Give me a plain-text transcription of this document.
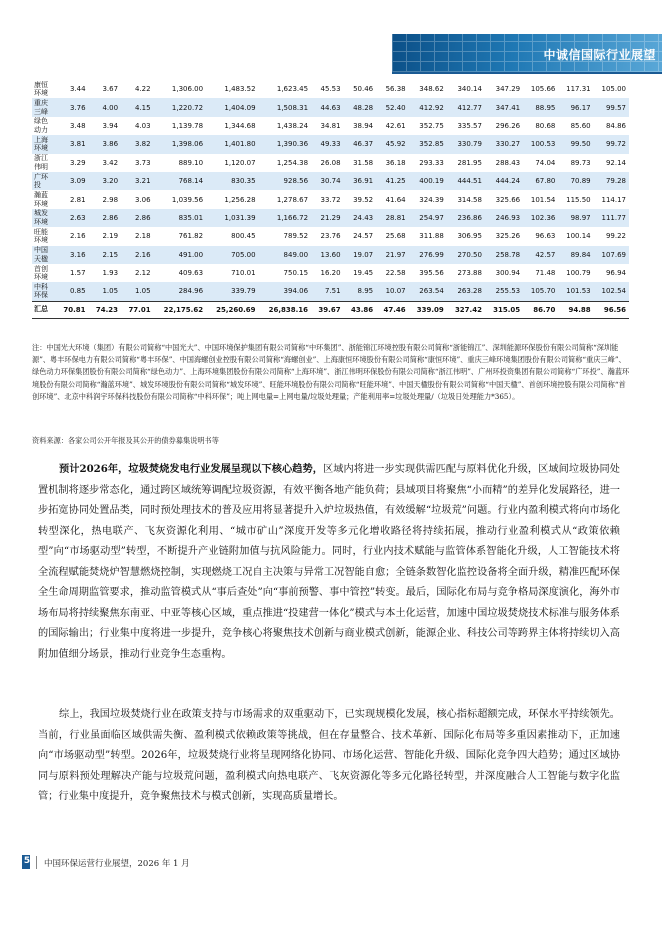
中诚信国际行业展望
康恒环境	3.44	3.67	4.22	1,306.00	1,483.52	1,623.45	45.53	50.46	56.38	348.62	340.14	347.29	105.66	117.31	105.00
重庆三峰	3.76	4.00	4.15	1,220.72	1,404.09	1,508.31	44.63	48.28	52.40	412.92	412.77	347.41	88.95	96.17	99.57
绿色动力	3.48	3.94	4.03	1,139.78	1,344.68	1,438.24	34.81	38.94	42.61	352.75	335.57	296.26	80.68	85.60	84.86
上海环境	3.81	3.86	3.82	1,398.06	1,401.80	1,390.36	49.33	46.37	45.92	352.85	330.79	330.27	100.53	99.50	99.72
浙江伟明	3.29	3.42	3.73	889.10	1,120.07	1,254.38	26.08	31.58	36.18	293.33	281.95	288.43	74.04	89.73	92.14
广环投	3.09	3.20	3.21	768.14	830.35	928.56	30.74	36.91	41.25	400.19	444.51	444.24	67.80	70.89	79.28
瀚蓝环境	2.81	2.98	3.06	1,039.56	1,256.28	1,278.67	33.72	39.52	41.64	324.39	314.58	325.66	101.54	115.50	114.17
城发环境	2.63	2.86	2.86	835.01	1,031.39	1,166.72	21.29	24.43	28.81	254.97	236.86	246.93	102.36	98.97	111.77
旺能环境	2.16	2.19	2.18	761.82	800.45	789.52	23.76	24.57	25.68	311.88	306.95	325.26	96.63	100.14	99.22
中国天楹	3.16	2.15	2.16	491.00	705.00	849.00	13.60	19.07	21.97	276.99	270.50	258.78	42.57	89.84	107.69
首创环境	1.57	1.93	2.12	409.63	710.01	750.15	16.20	19.45	22.58	395.56	273.88	300.94	71.48	100.79	96.94
中科环保	0.85	1.05	1.05	284.96	339.79	394.06	7.51	8.95	10.07	263.54	263.28	255.53	105.70	101.53	102.54
汇总	70.81	74.23	77.01	22,175.62	25,260.69	26,838.16	39.67	43.86	47.46	339.09	327.42	315.05	86.70	94.88	96.56
注：中国光大环境（集团）有限公司简称“中国光大”、中国环境保护集团有限公司简称“中环集团”、浙能锦江环境控股有限公司简称“浙能锦江”、深圳能源环保股份有限公司简称“深圳能源”、粤丰环保电力有限公司简称“粤丰环保”、中国海螺创业控股有限公司简称“海螺创业”、上海康恒环境股份有限公司简称“康恒环境”、重庆三峰环境集团股份有限公司简称“重庆三峰”、绿色动力环保集团股份有限公司简称“绿色动力”、上海环境集团股份有限公司简称“上海环境”、浙江伟明环保股份有限公司简称“浙江伟明”、广州环投资集团有限公司简称“广环投”、瀚蓝环境股份有限公司简称“瀚蓝环境”、城发环境股份有限公司简称“城发环境”、旺能环境股份有限公司简称“旺能环境”、中国天楹股份有限公司简称“中国天楹”、首创环境控股有限公司简称“首创环境”、北京中科润宇环保科技股份有限公司简称“中科环保”；吨上网电量=上网电量/垃圾处理量；产能利用率=垃圾处理量/（垃圾日处理能力*365）。
资料来源：各家公司公开年报及其公开的债券募集说明书等

预计2026年，垃圾焚烧发电行业发展呈现以下核心趋势，区域内将进一步实现供需匹配与原料优化升级，区域间垃圾协同处置机制将逐步常态化，通过跨区域统筹调配垃圾资源，有效平衡各地产能负荷；县域项目将聚焦“小而精”的差异化发展路径，进一步拓宽协同处置品类，同时预处理技术的普及应用将显著提升入炉垃圾热值，有效缓解“垃圾荒”问题。行业内盈利模式将向市场化转型深化，热电联产、飞灰资源化利用、“城市矿山”深度开发等多元化增收路径将持续拓展，推动行业盈利模式从“政策依赖型”向“市场驱动型”转型，不断提升产业链附加值与抗风险能力。同时，行业内技术赋能与监管体系智能化升级，人工智能技术将全流程赋能焚烧炉智慧燃烧控制，实现燃烧工况自主决策与异常工况智能自愈；全链条数智化监控设备将全面升级，精准匹配环保全生命周期监管要求，推动监管模式从“事后查处”向“事前预警、事中管控”转变。最后，国际化布局与竞争格局深度演化，海外市场布局将持续聚焦东南亚、中亚等核心区域，重点推进“投建营一体化”模式与本土化运营，加速中国垃圾焚烧技术标准与服务体系的国际输出；行业集中度将进一步提升，竞争核心将聚焦技术创新与商业模式创新，能源企业、科技公司等跨界主体将持续切入高附加值细分场景，推动行业竞争生态重构。

综上，我国垃圾焚烧行业在政策支持与市场需求的双重驱动下，已实现规模化发展，核心指标超额完成，环保水平持续领先。当前，行业虽面临区域供需失衡、盈利模式依赖政策等挑战，但在存量整合、技术革新、国际化布局等多重因素推动下，正加速向“市场驱动型”转型。2026年，垃圾焚烧行业将呈现网络化协同、市场化运营、智能化升级、国际化竞争四大趋势；通过区域协同与原料预处理解决产能与垃圾荒问题，盈利模式向热电联产、飞灰资源化等多元化路径转型，并深度融合人工智能与数字化监管；行业集中度提升，竞争聚焦技术与模式创新，实现高质量增长。

5 中国环保运营行业展望，2026 年 1 月
